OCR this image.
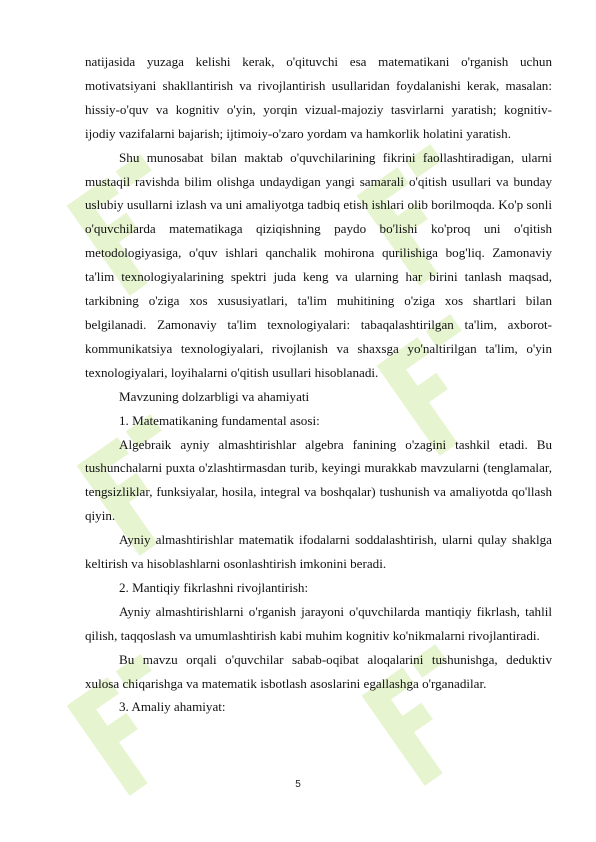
natijasida yuzaga kelishi kerak, o'qituvchi esa matematikani o'rganish uchun motivatsiyani shakllantirish va rivojlantirish usullaridan foydalanishi kerak, masalan: hissiy-o'quv va kognitiv o'yin, yorqin vizual-majoziy tasvirlarni yaratish; kognitiv- ijodiy vazifalarni bajarish; ijtimoiy-o'zaro yordam va hamkorlik holatini yaratish.

Shu munosabat bilan maktab o'quvchilarining fikrini faollashtiradigan, ularni mustaqil ravishda bilim olishga undaydigan yangi samarali o'qitish usullari va bunday uslubiy usullarni izlash va uni amaliyotga tadbiq etish ishlari olib borilmoqda. Ko'p sonli o'quvchilarda matematikaga qiziqishning paydo bo'lishi ko'proq uni o'qitish metodologiyasiga, o'quv ishlari qanchalik mohirona qurilishiga bog'liq. Zamonaviy ta'lim texnologiyalarining spektri juda keng va ularning har birini tanlash maqsad, tarkibning o'ziga xos xususiyatlari, ta'lim muhitining o'ziga xos shartlari bilan belgilanadi. Zamonaviy ta'lim texnologiyalari: tabaqalashtirilgan ta'lim, axborot-kommunikatsiya texnologiyalari, rivojlanish va shaxsga yo'naltirilgan ta'lim, o'yin texnologiyalari, loyihalarni o'qitish usullari hisoblanadi.

Mavzuning dolzarbligi va ahamiyati

1. Matematikaning fundamental asosi:

Algebraik ayniy almashtirishlar algebra fanining o'zagini tashkil etadi. Bu tushunchalarni puxta o'zlashtirmasdan turib, keyingi murakkab mavzularni (tenglamalar, tengsizliklar, funksiyalar, hosila, integral va boshqalar) tushunish va amaliyotda qo'llash qiyin.

Ayniy almashtirishlar matematik ifodalarni soddalashtirish, ularni qulay shaklga keltirish va hisoblashlarni osonlashtirish imkonini beradi.

2. Mantiqiy fikrlashni rivojlantirish:

Ayniy almashtirishlarni o'rganish jarayoni o'quvchilarda mantiqiy fikrlash, tahlil qilish, taqqoslash va umumlashtirish kabi muhim kognitiv ko'nikmalarni rivojlantiradi.

Bu mavzu orqali o'quvchilar sabab-oqibat aloqalarini tushunishga, deduktiv xulosa chiqarishga va matematik isbotlash asoslarini egallashga o'rganadilar.

3. Amaliy ahamiyat:

5
